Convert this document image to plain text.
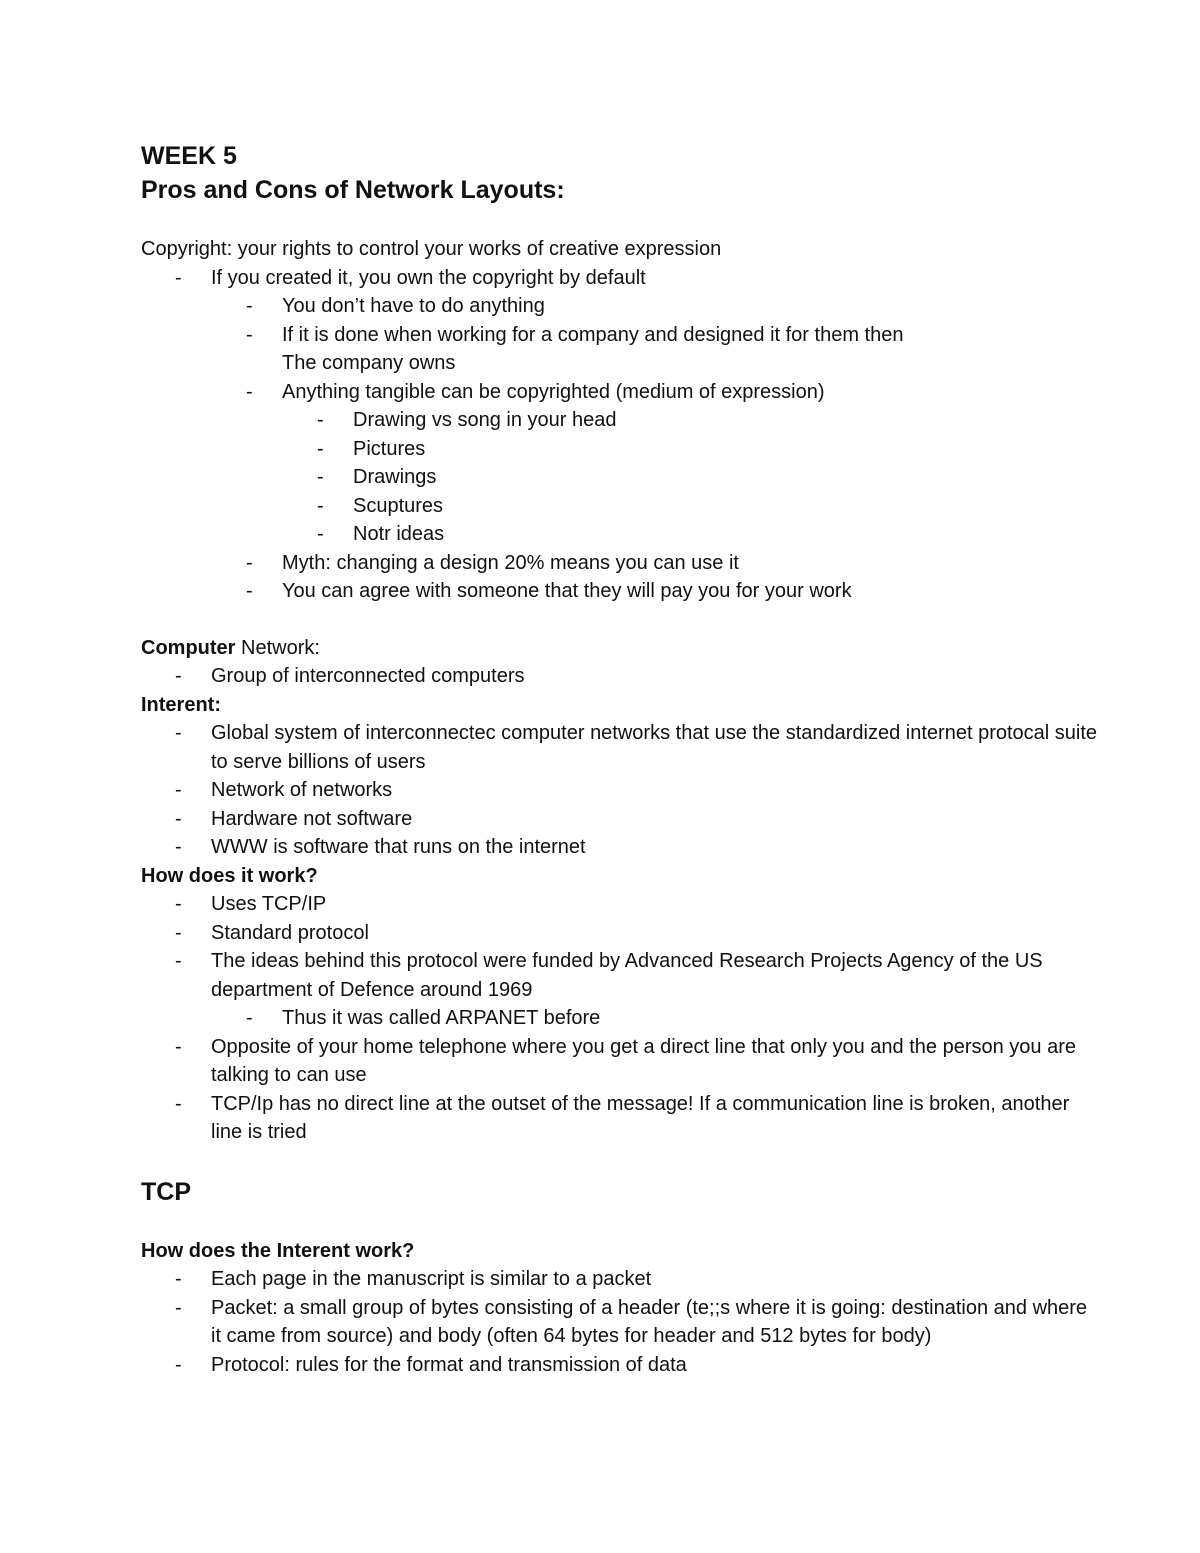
WEEK 5

Pros and Cons of Network Layouts:

Copyright: your rights to control your works of creative expression

- If you created it, you own the copyright by default
- You don’t have to do anything
- If it is done when working for a company and designed it for them then
The company owns
- Anything tangible can be copyrighted (medium of expression)
- Drawing vs song in your head
- Pictures
- Drawings
- Scuptures
- Notr ideas
- Myth: changing a design 20% means you can use it
- You can agree with someone that they will pay you for your work

Computer Network:

- Group of interconnected computers

Interent:

- Global system of interconnectec computer networks that use the standardized internet protocal suite to serve billions of users
- Network of networks
- Hardware not software
- WWW is software that runs on the internet

How does it work?

- Uses TCP/IP
- Standard protocol
- The ideas behind this protocol were funded by Advanced Research Projects Agency of the US department of Defence around 1969
- Thus it was called ARPANET before
- Opposite of your home telephone where you get a direct line that only you and the person you are talking to can use
- TCP/Ip has no direct line at the outset of the message! If a communication line is broken, another line is tried

TCP

How does the Interent work?

- Each page in the manuscript is similar to a packet
- Packet: a small group of bytes consisting of a header (te;;s where it is going: destination and where it came from source) and body (often 64 bytes for header and 512 bytes for body)
- Protocol: rules for the format and transmission of data
